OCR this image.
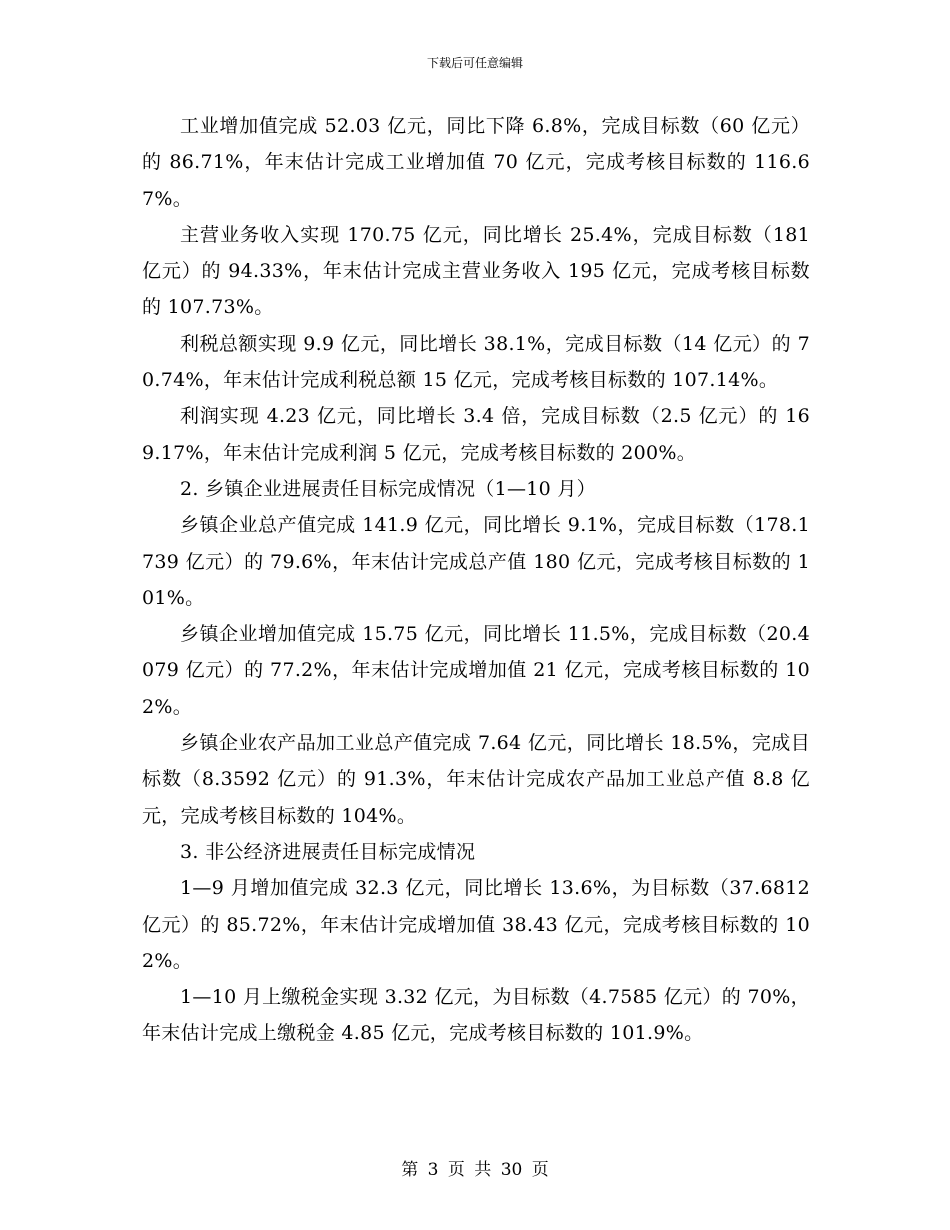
下载后可任意编辑

工业增加值完成 52.03 亿元，同比下降 6.8%，完成目标数（60 亿元）的 86.71%，年末估计完成工业增加值 70 亿元，完成考核目标数的 116.67%。

主营业务收入实现 170.75 亿元，同比增长 25.4%，完成目标数（181 亿元）的 94.33%，年末估计完成主营业务收入 195 亿元，完成考核目标数的 107.73%。

利税总额实现 9.9 亿元，同比增长 38.1%，完成目标数（14 亿元）的 70.74%，年末估计完成利税总额 15 亿元，完成考核目标数的 107.14%。

利润实现 4.23 亿元，同比增长 3.4 倍，完成目标数（2.5 亿元）的 169.17%，年末估计完成利润 5 亿元，完成考核目标数的 200%。

2. 乡镇企业进展责任目标完成情况（1—10 月）

乡镇企业总产值完成 141.9 亿元，同比增长 9.1%，完成目标数（178.1739 亿元）的 79.6%，年末估计完成总产值 180 亿元，完成考核目标数的 101%。

乡镇企业增加值完成 15.75 亿元，同比增长 11.5%，完成目标数（20.4079 亿元）的 77.2%，年末估计完成增加值 21 亿元，完成考核目标数的 102%。

乡镇企业农产品加工业总产值完成 7.64 亿元，同比增长 18.5%，完成目标数（8.3592 亿元）的 91.3%，年末估计完成农产品加工业总产值 8.8 亿元，完成考核目标数的 104%。

3. 非公经济进展责任目标完成情况

1—9 月增加值完成 32.3 亿元，同比增长 13.6%，为目标数（37.6812 亿元）的 85.72%，年末估计完成增加值 38.43 亿元，完成考核目标数的 102%。

1—10 月上缴税金实现 3.32 亿元，为目标数（4.7585 亿元）的 70%，年末估计完成上缴税金 4.85 亿元，完成考核目标数的 101.9%。

第 3 页 共 30 页
